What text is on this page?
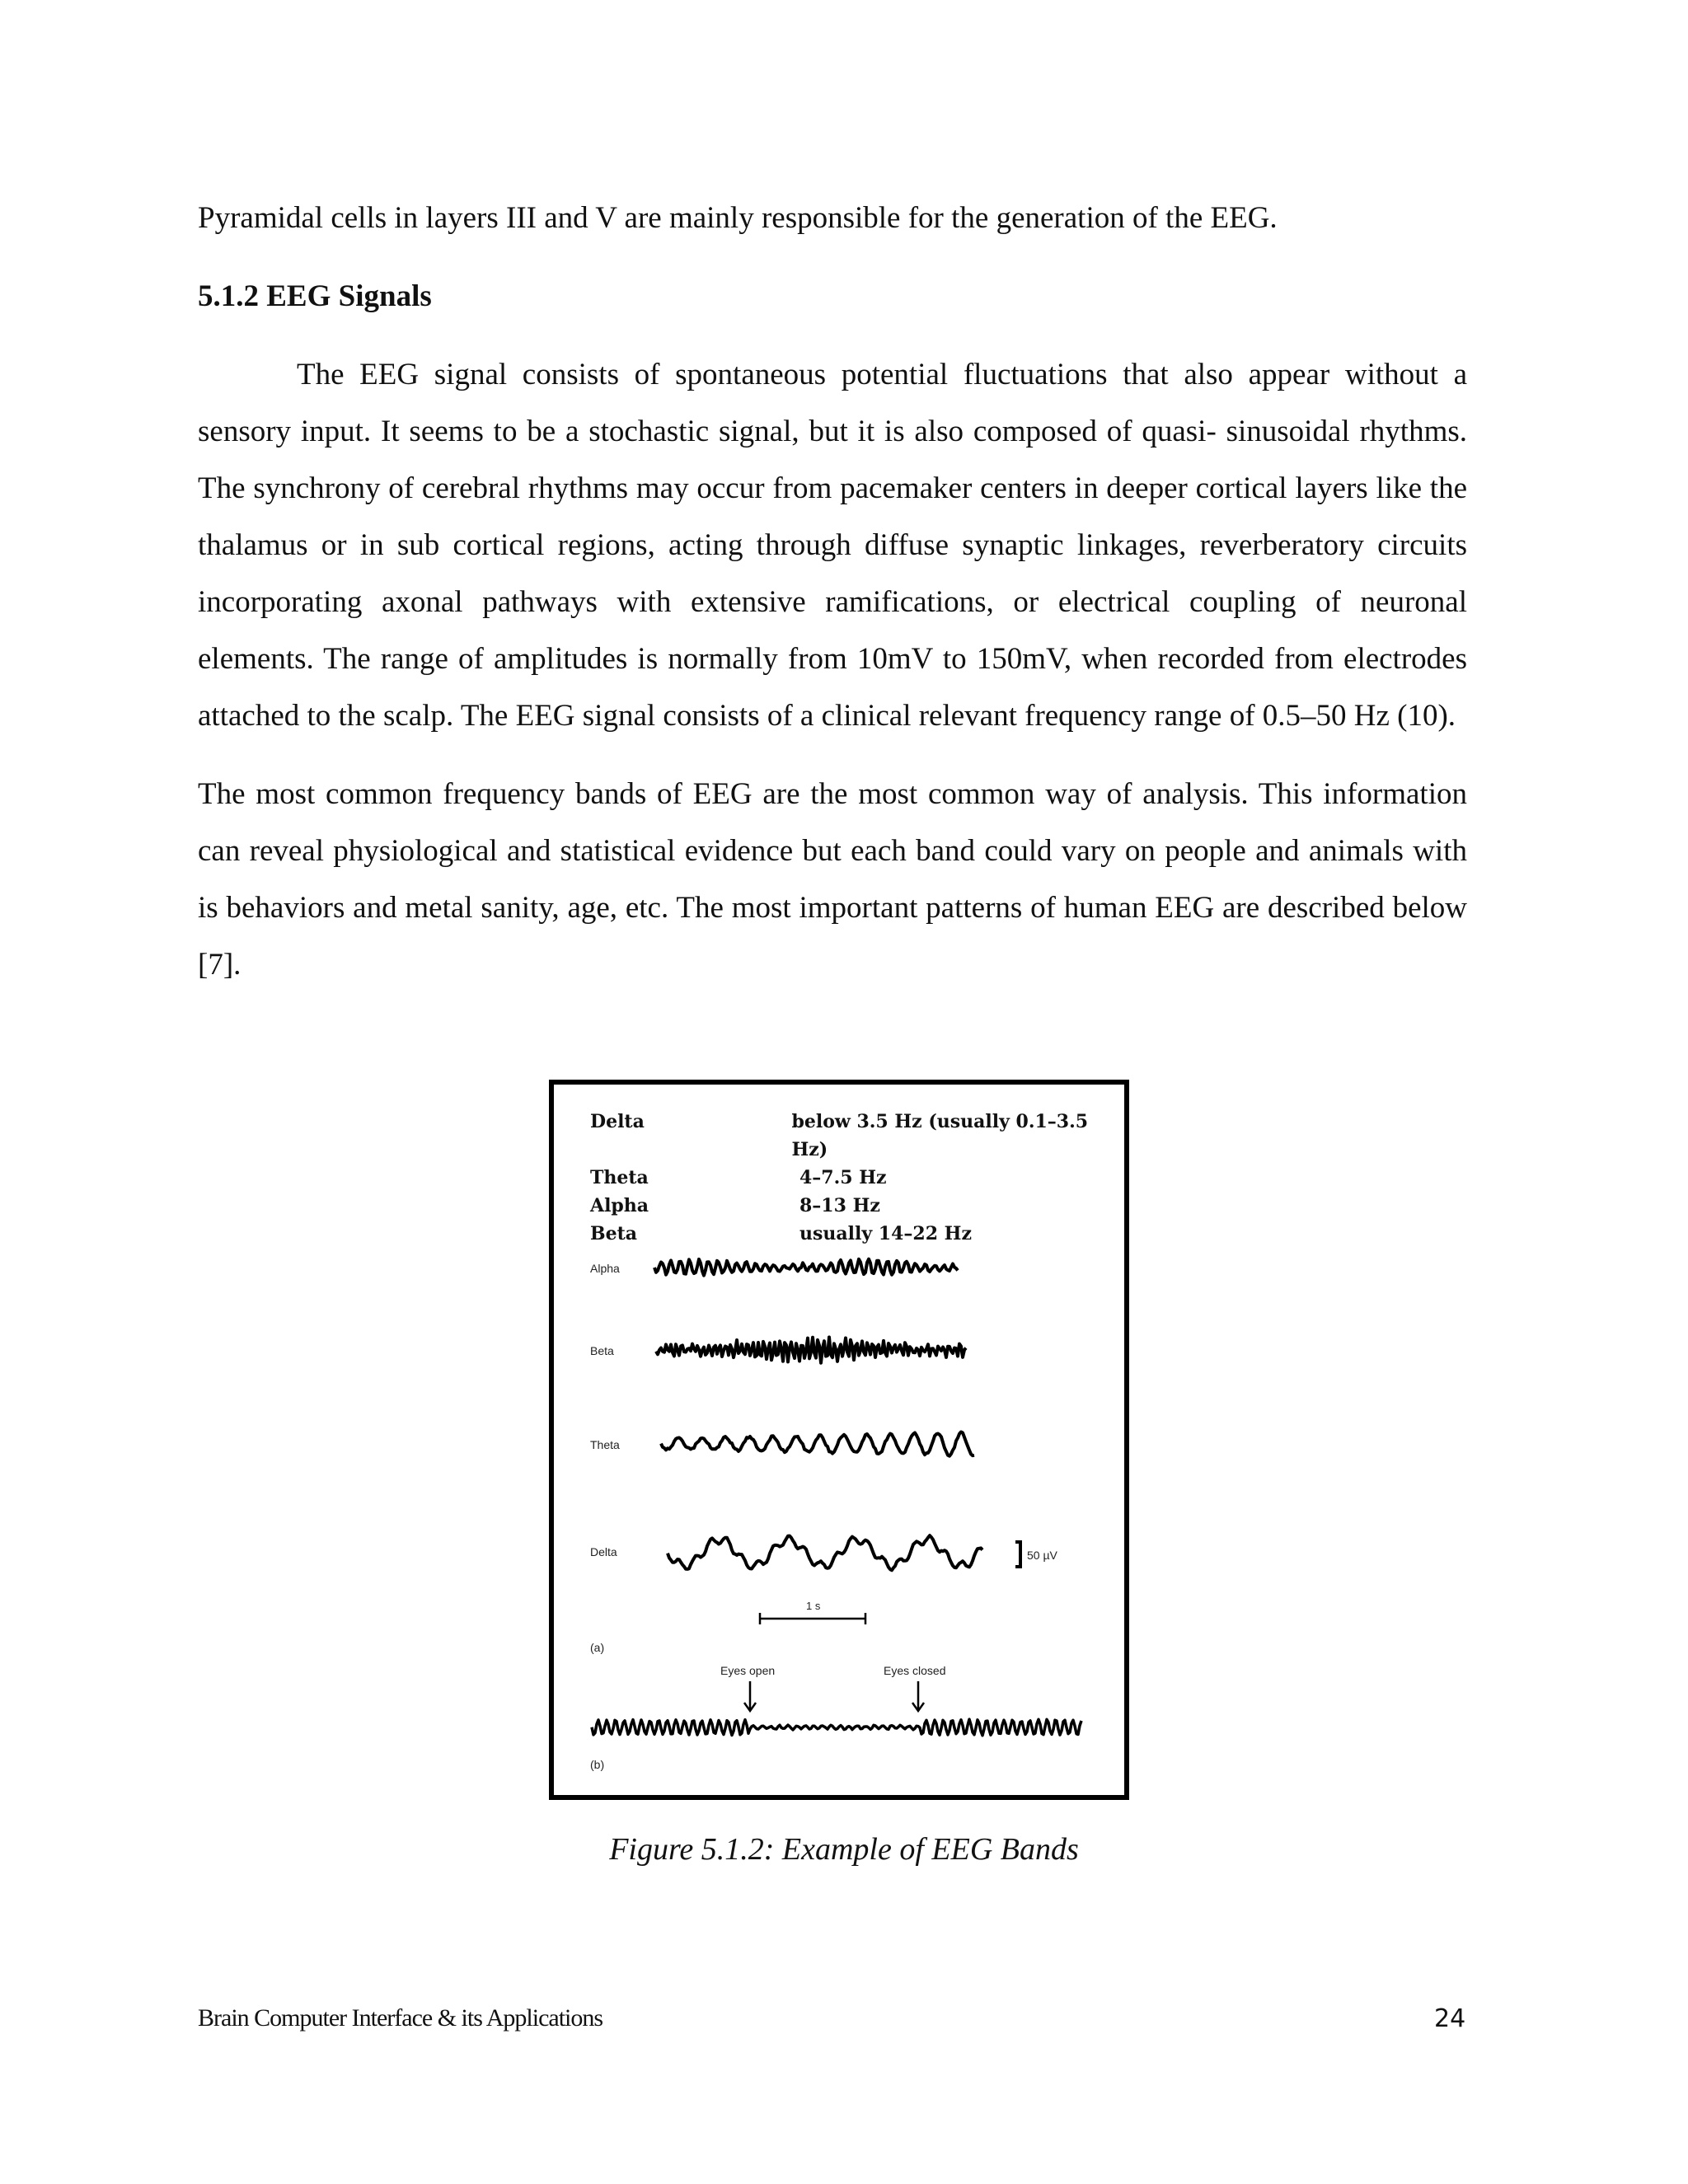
Pyramidal cells in layers III and V are mainly responsible for the generation of the EEG.

5.1.2 EEG Signals

The EEG signal consists of spontaneous potential fluctuations that also appear without a sensory input. It seems to be a stochastic signal, but it is also composed of quasi- sinusoidal rhythms. The synchrony of cerebral rhythms may occur from pacemaker centers in deeper cortical layers like the thalamus or in sub cortical regions, acting through diffuse synaptic linkages, reverberatory circuits incorporating axonal pathways with extensive ramifications, or electrical coupling of neuronal elements. The range of amplitudes is normally from 10mV to 150mV, when recorded from electrodes attached to the scalp. The EEG signal consists of a clinical relevant frequency range of 0.5–50 Hz (10).

The most common frequency bands of EEG are the most common way of analysis. This information can reveal physiological and statistical evidence but each band could vary on people and animals with is behaviors and metal sanity, age, etc. The most important patterns of human EEG are described below [7].

Delta	below 3.5 Hz (usually 0.1–3.5 Hz)
Theta	4–7.5 Hz
Alpha	8–13 Hz
Beta	usually 14–22 Hz
Alpha
Beta
Theta
Delta	50 µV
1 s
(a)
Eyes open	Eyes closed
(b)
Figure 5.1.2: Example of EEG Bands
Brain Computer Interface & its Applications	24
